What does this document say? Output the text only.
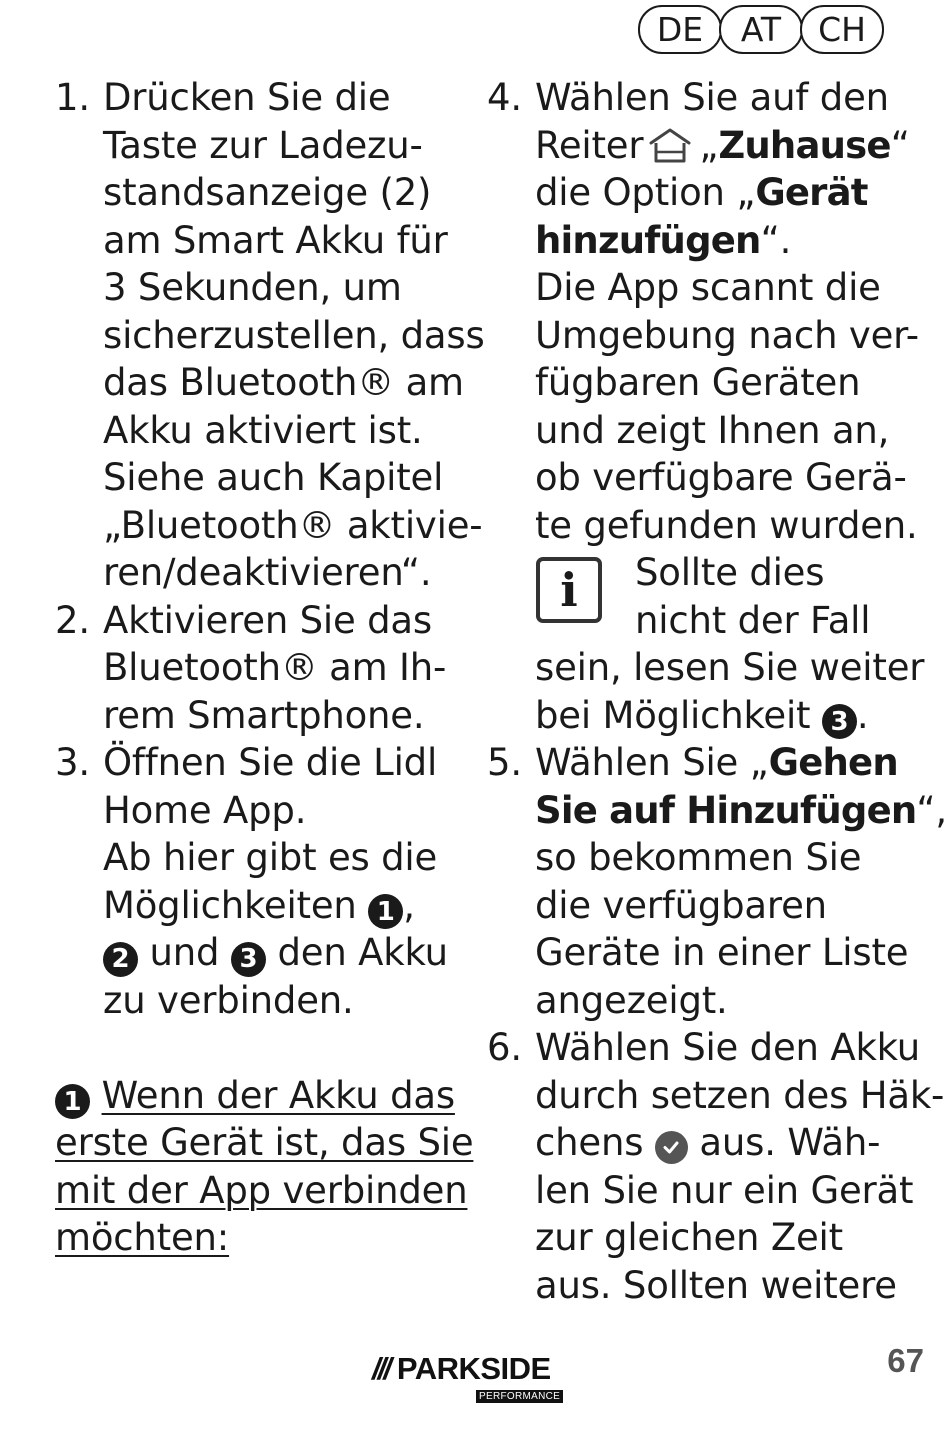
DE	AT	CH
1. Drücken Sie die
Taste zur Ladezu-
standsanzeige (2)
am Smart Akku für
3 Sekunden, um
sicherzustellen, dass
das Bluetooth® am
Akku aktiviert ist.
Siehe auch Kapitel
„Bluetooth® aktivie-
ren/deaktivieren“.
2. Aktivieren Sie das
Bluetooth® am Ih-
rem Smartphone.
3. Öffnen Sie die Lidl
Home App.
Ab hier gibt es die
Möglichkeiten 1 ,
2 und 3 den Akku
zu verbinden.
1 Wenn der Akku das
erste Gerät ist, das Sie
mit der App verbinden
möchten:
4. Wählen Sie auf den
Reiter „Zuhause“
die Option „Gerät
hinzufügen“.
Die App scannt die
Umgebung nach ver-
fügbaren Geräten
und zeigt Ihnen an,
ob verfügbare Gerä-
te gefunden wurden.
i	Sollte dies
nicht der Fall
sein, lesen Sie weiter
bei Möglichkeit 3 .
5. Wählen Sie „Gehen
Sie auf Hinzufügen“,
so bekommen Sie
die verfügbaren
Geräte in einer Liste
angezeigt.
6. Wählen Sie den Akku
durch setzen des Häk-
chens aus. Wäh-
len Sie nur ein Gerät
zur gleichen Zeit
aus. Sollten weitere
/// PARKSIDE
PERFORMANCE
67
